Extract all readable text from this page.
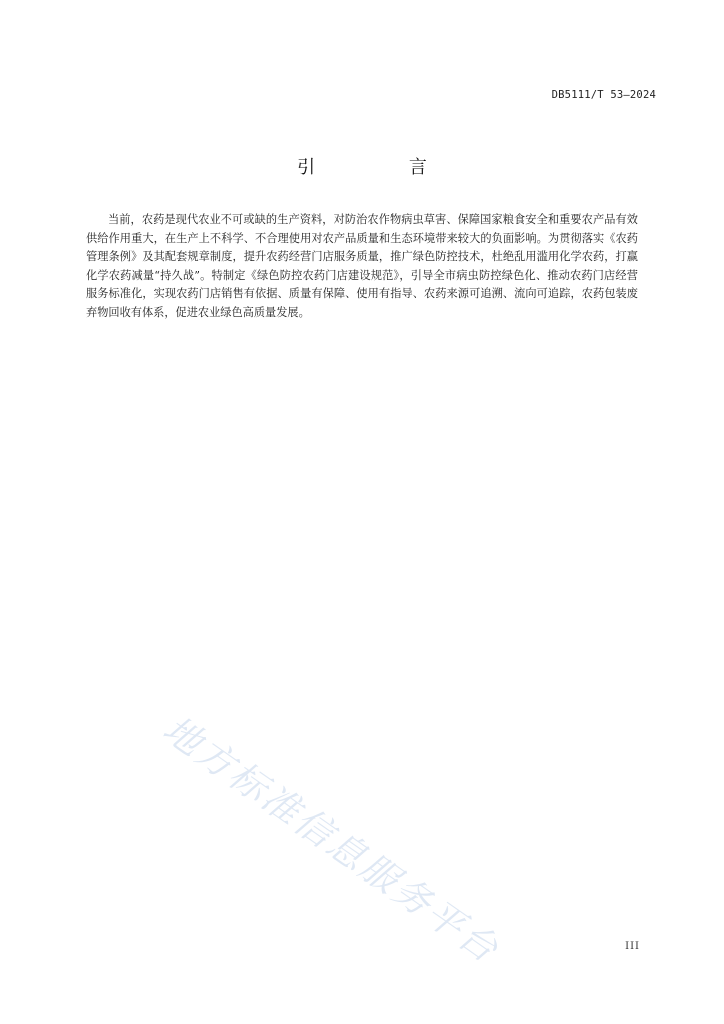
DB5111/T 53—2024
引 言

当前，农药是现代农业不可或缺的生产资料，对防治农作物病虫草害、保障国家粮食安全和重要农产品有效供给作用重大，在生产上不科学、不合理使用对农产品质量和生态环境带来较大的负面影响。为贯彻落实《农药管理条例》及其配套规章制度，提升农药经营门店服务质量，推广绿色防控技术，杜绝乱用滥用化学农药，打赢化学农药减量“持久战”。特制定《绿色防控农药门店建设规范》，引导全市病虫防控绿色化、推动农药门店经营服务标准化，实现农药门店销售有依据、质量有保障、使用有指导、农药来源可追溯、流向可追踪，农药包装废弃物回收有体系，促进农业绿色高质量发展。

地方标准信息服务平台	III
